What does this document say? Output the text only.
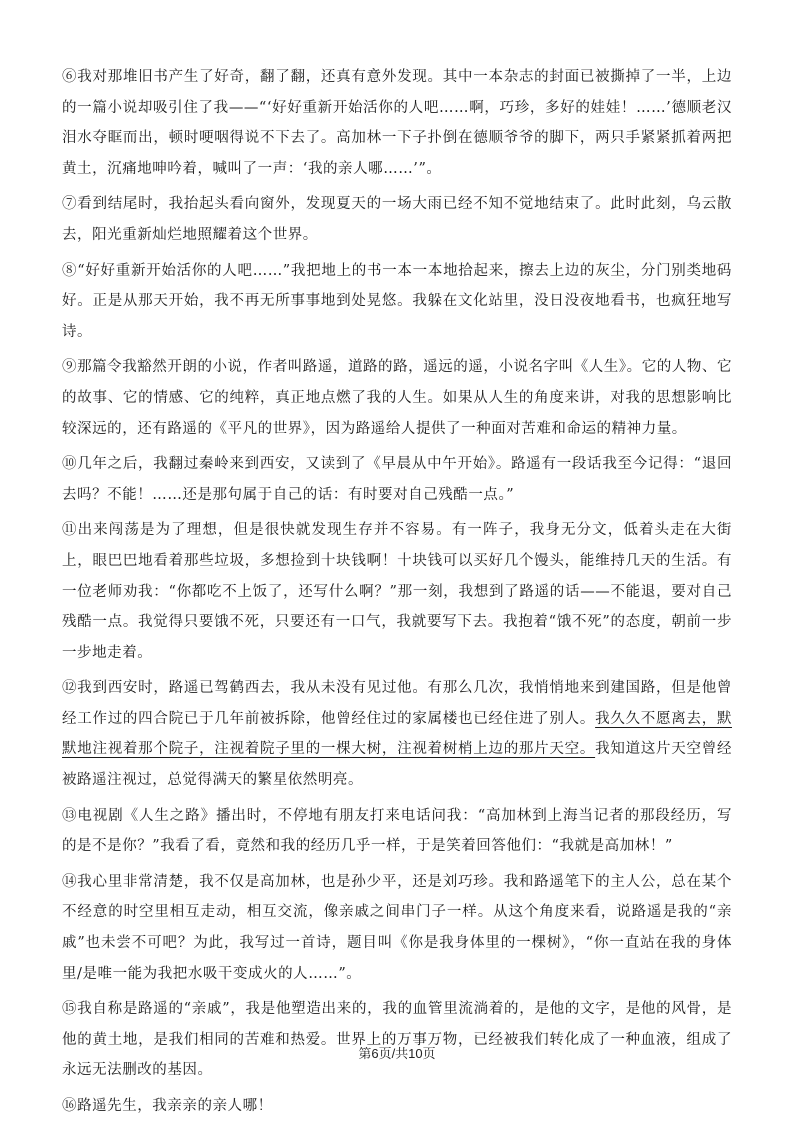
⑥我对那堆旧书产生了好奇，翻了翻，还真有意外发现。其中一本杂志的封面已被撕掉了一半，上边的一篇小说却吸引住了我——“‘好好重新开始活你的人吧……啊，巧珍，多好的娃娃！……’德顺老汉泪水夺眶而出，顿时哽咽得说不下去了。高加林一下子扑倒在德顺爷爷的脚下，两只手紧紧抓着两把黄土，沉痛地呻吟着，喊叫了一声：‘我的亲人哪……’”。

⑦看到结尾时，我抬起头看向窗外，发现夏天的一场大雨已经不知不觉地结束了。此时此刻，乌云散去，阳光重新灿烂地照耀着这个世界。

⑧“好好重新开始活你的人吧……”我把地上的书一本一本地拾起来，擦去上边的灰尘，分门别类地码好。正是从那天开始，我不再无所事事地到处晃悠。我躲在文化站里，没日没夜地看书，也疯狂地写诗。

⑨那篇令我豁然开朗的小说，作者叫路遥，道路的路，遥远的遥，小说名字叫《人生》。它的人物、它的故事、它的情感、它的纯粹，真正地点燃了我的人生。如果从人生的角度来讲，对我的思想影响比较深远的，还有路遥的《平凡的世界》，因为路遥给人提供了一种面对苦难和命运的精神力量。

⑩几年之后，我翻过秦岭来到西安，又读到了《早晨从中午开始》。路遥有一段话我至今记得：“退回去吗？不能！……还是那句属于自己的话：有时要对自己残酷一点。”

⑪出来闯荡是为了理想，但是很快就发现生存并不容易。有一阵子，我身无分文，低着头走在大街上，眼巴巴地看着那些垃圾，多想捡到十块钱啊！十块钱可以买好几个馒头，能维持几天的生活。有一位老师劝我：“你都吃不上饭了，还写什么啊？”那一刻，我想到了路遥的话——不能退，要对自己残酷一点。我觉得只要饿不死，只要还有一口气，我就要写下去。我抱着“饿不死”的态度，朝前一步一步地走着。

⑫我到西安时，路遥已驾鹤西去，我从未没有见过他。有那么几次，我悄悄地来到建国路，但是他曾经工作过的四合院已于几年前被拆除，他曾经住过的家属楼也已经住进了别人。我久久不愿离去，默默地注视着那个院子，注视着院子里的一棵大树，注视着树梢上边的那片天空。我知道这片天空曾经被路遥注视过，总觉得满天的繁星依然明亮。

⑬电视剧《人生之路》播出时，不停地有朋友打来电话问我：“高加林到上海当记者的那段经历，写的是不是你？”我看了看，竟然和我的经历几乎一样，于是笑着回答他们：“我就是高加林！”

⑭我心里非常清楚，我不仅是高加林，也是孙少平，还是刘巧珍。我和路遥笔下的主人公，总在某个不经意的时空里相互走动，相互交流，像亲戚之间串门子一样。从这个角度来看，说路遥是我的“亲戚”也未尝不可吧？为此，我写过一首诗，题目叫《你是我身体里的一棵树》，“你一直站在我的身体里/是唯一能为我把水吸干变成火的人……”。

⑮我自称是路遥的“亲戚”，我是他塑造出来的，我的血管里流淌着的，是他的文字，是他的风骨，是他的黄土地，是我们相同的苦难和热爱。世界上的万事万物，已经被我们转化成了一种血液，组成了永远无法删改的基因。

⑯路遥先生，我亲亲的亲人哪！

第6页/共10页
